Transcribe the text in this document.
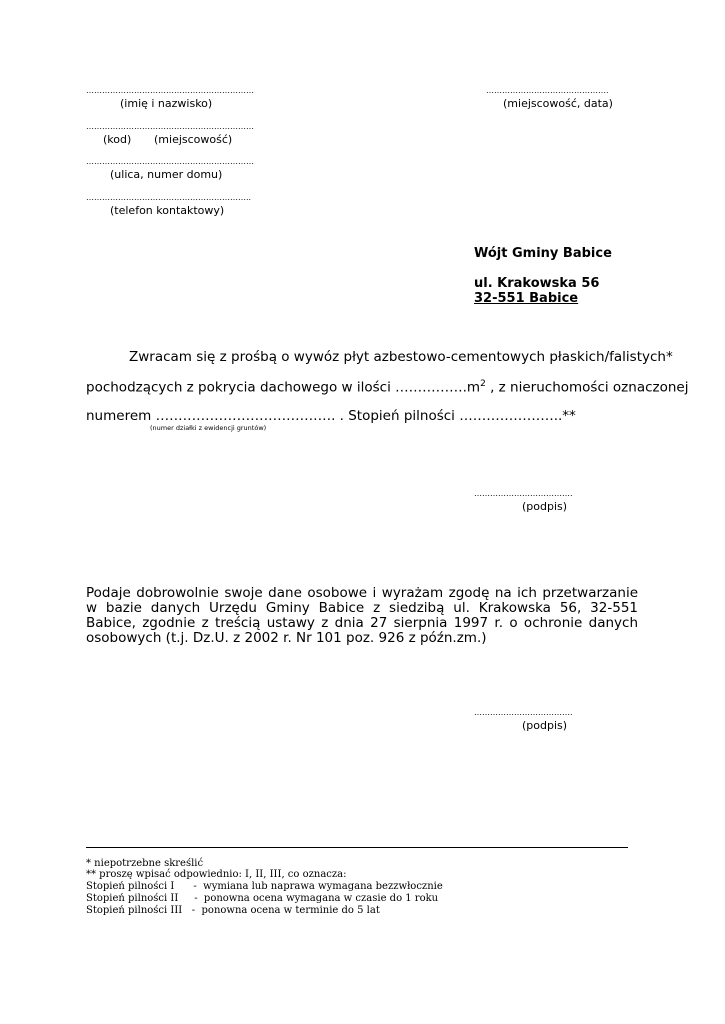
………………………………………………………
(imię i nazwisko)
………………………………………………………
(kod) (miejscowość)
………………………………………………………
(ulica, numer domu)
……………………………………………………..
(telefon kontaktowy)
……………………………………….
(miejscowość, data)
Wójt Gminy Babice
ul. Krakowska 56
32-551 Babice
Zwracam się z prośbą o wywóz płyt azbestowo-cementowych płaskich/falistych*
pochodzących z pokrycia dachowego w ilości $\dots\dots\dots\dots\dots.m^2$ , z nieruchomości oznaczonej
numerem …………………………………. . Stopień pilności …………………..**
(numer działki z ewidencji gruntów)
……………………………….
(podpis)
Podaje dobrowolnie swoje dane osobowe i wyrażam zgodę na ich przetwarzanie w bazie danych Urzędu Gminy Babice z siedzibą ul. Krakowska 56, 32-551 Babice, zgodnie z treścią ustawy z dnia 27 sierpnia 1997 r. o ochronie danych osobowych (t.j. Dz.U. z 2002 r. Nr 101 poz. 926 z późn.zm.)
……………………………….
(podpis)
* niepotrzebne skreślić
** proszę wpisać odpowiednio: I, II, III, co oznacza:
Stopień pilności I      -  wymiana lub naprawa wymagana bezzwłocznie
Stopień pilności II     -  ponowna ocena wymagana w czasie do 1 roku
Stopień pilności III   -  ponowna ocena w terminie do 5 lat
